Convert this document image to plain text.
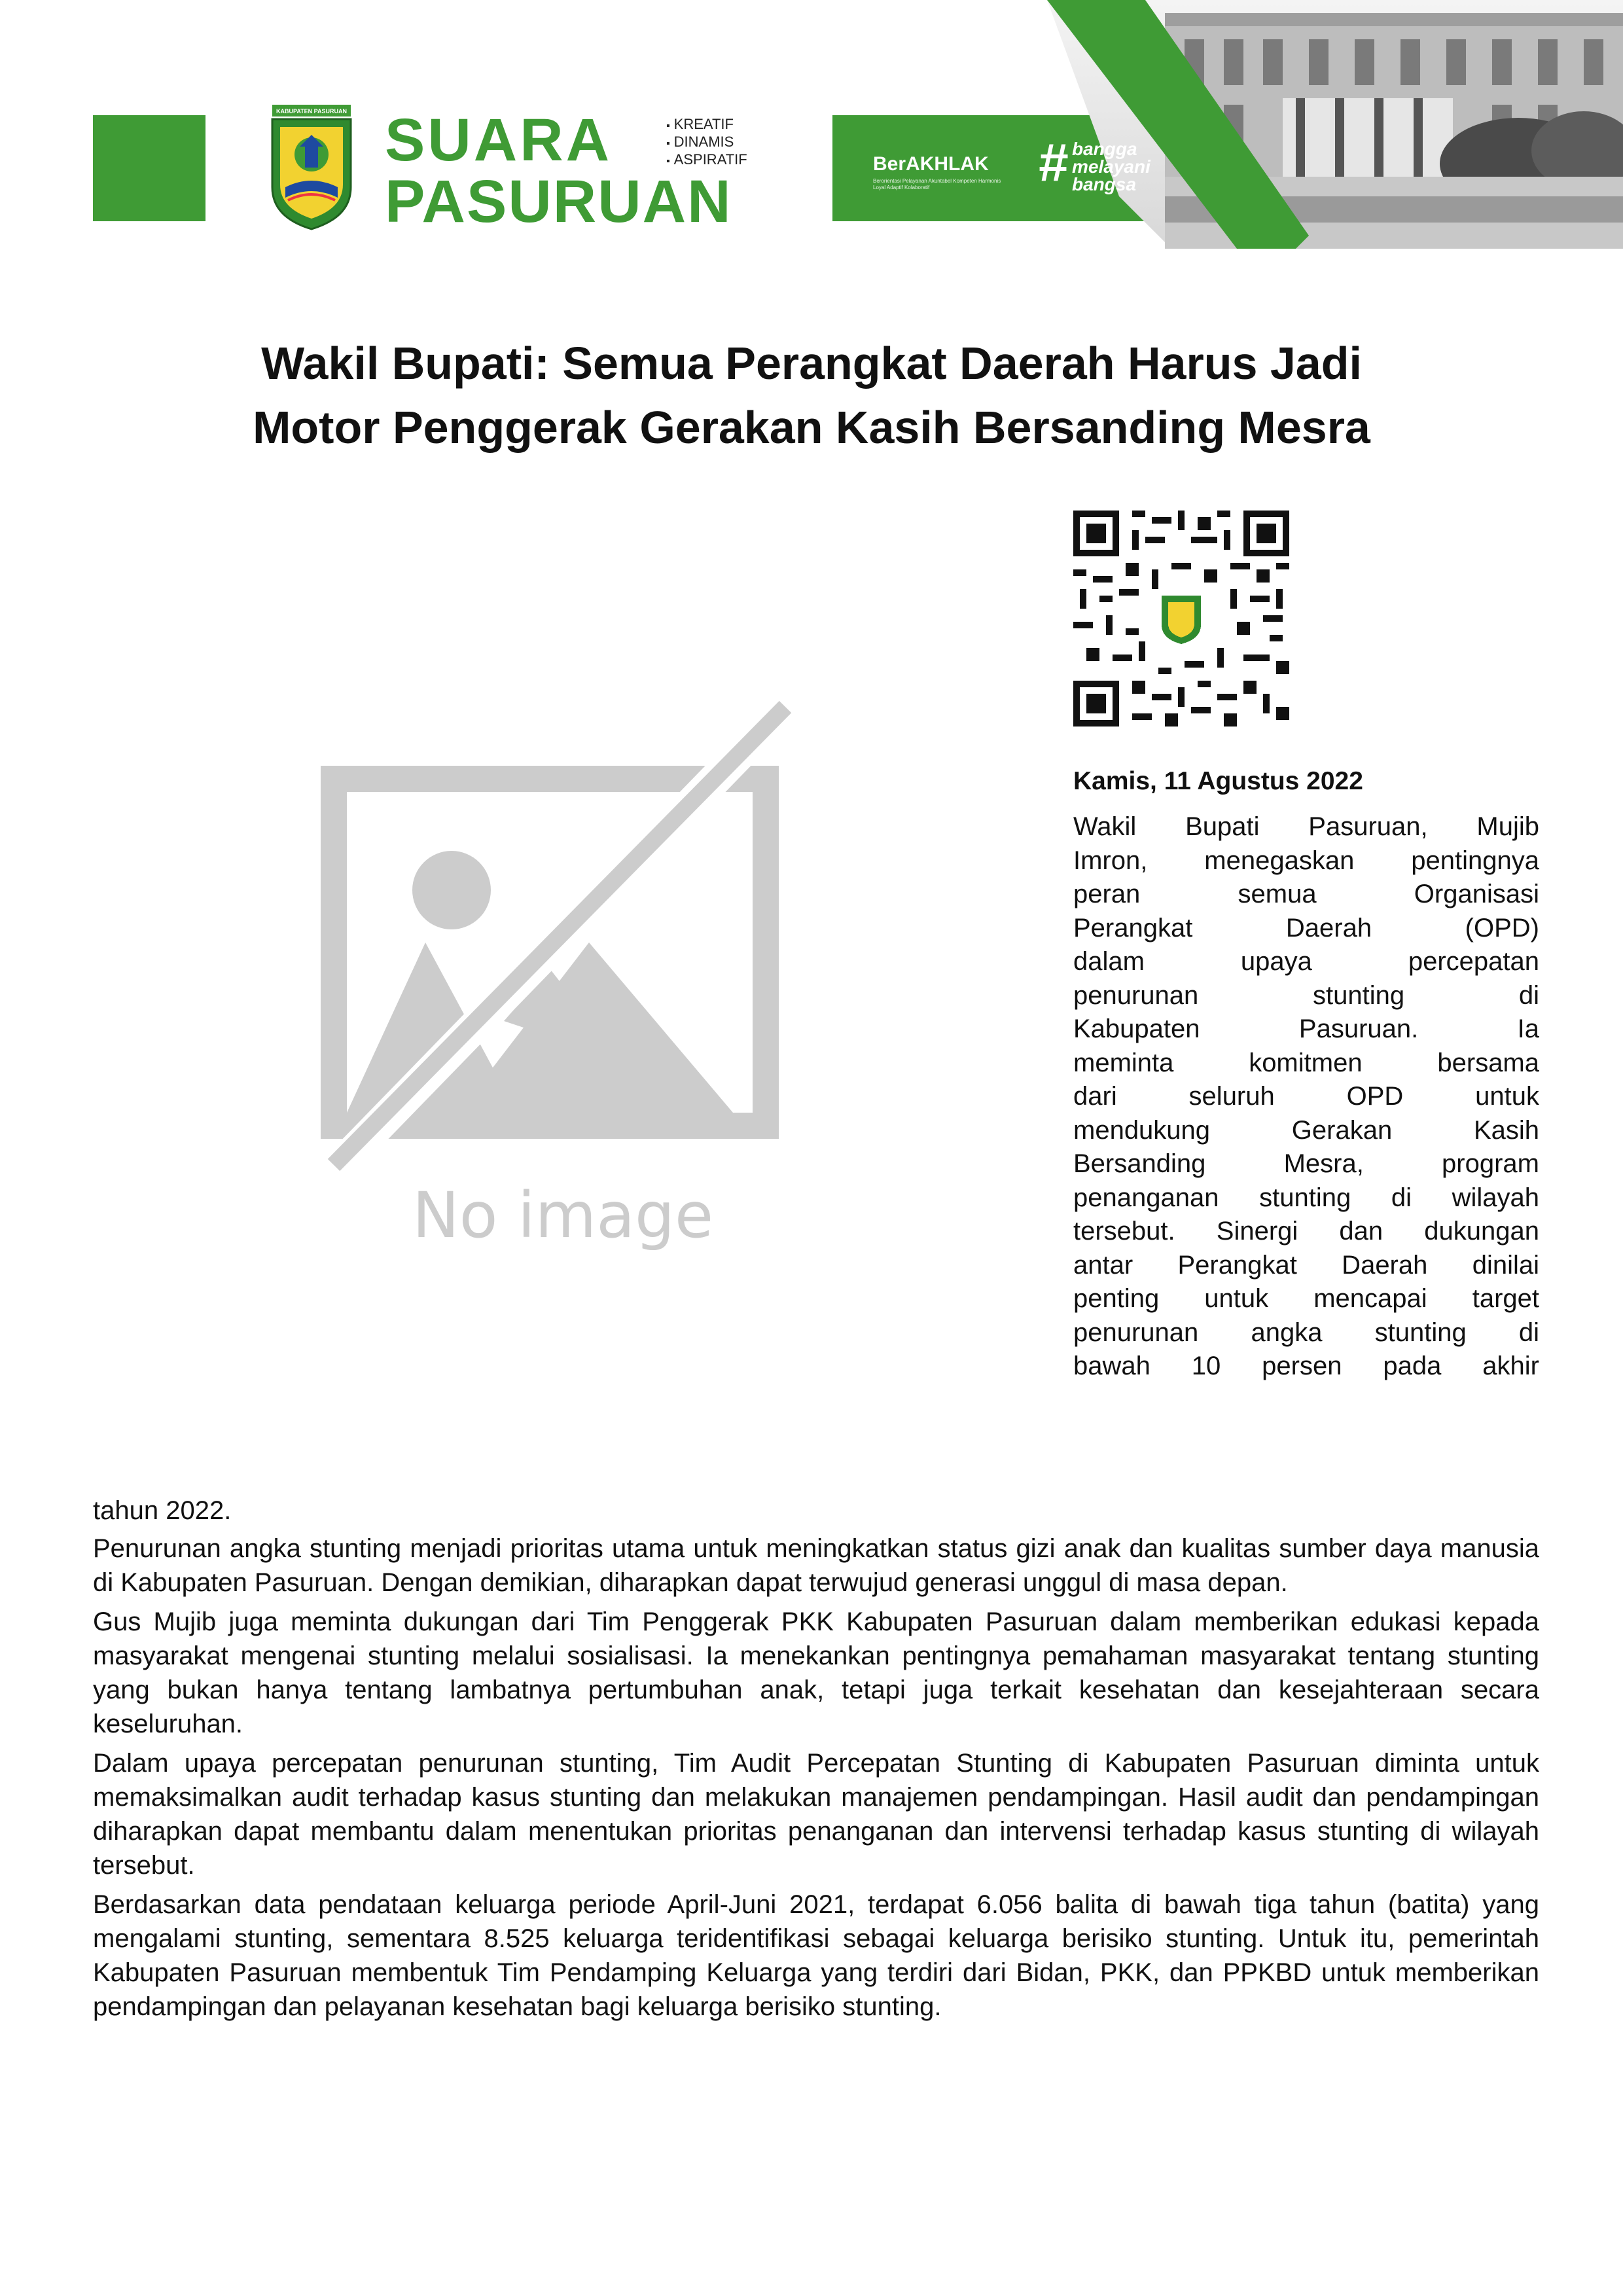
KABUPATEN PASURUAN SUARA
PASURUAN
▪ KREATIF
▪ DINAMIS
▪ ASPIRATIF	BerAKHLAK
Berorientasi Pelayanan Akuntabel Kompeten Harmonis Loyal Adaptif Kolaboratif	# bangga
melayani
bangsa
Wakil Bupati: Semua Perangkat Daerah Harus Jadi
Motor Penggerak Gerakan Kasih Bersanding Mesra
No image
Kamis, 11 Agustus 2022
Wakil Bupati Pasuruan, Mujib
Imron, menegaskan pentingnya
peran semua Organisasi
Perangkat Daerah (OPD)
dalam upaya percepatan
penurunan stunting di
Kabupaten Pasuruan. Ia
meminta komitmen bersama
dari seluruh OPD untuk
mendukung Gerakan Kasih
Bersanding Mesra, program
penanganan stunting di wilayah
tersebut. Sinergi dan dukungan
antar Perangkat Daerah dinilai
penting untuk mencapai target
penurunan angka stunting di
bawah 10 persen pada akhir

tahun 2022.

Penurunan angka stunting menjadi prioritas utama untuk meningkatkan status gizi anak dan kualitas sumber daya manusia di Kabupaten Pasuruan. Dengan demikian, diharapkan dapat terwujud generasi unggul di masa depan.

Gus Mujib juga meminta dukungan dari Tim Penggerak PKK Kabupaten Pasuruan dalam memberikan edukasi kepada masyarakat mengenai stunting melalui sosialisasi. Ia menekankan pentingnya pemahaman masyarakat tentang stunting yang bukan hanya tentang lambatnya pertumbuhan anak, tetapi juga terkait kesehatan dan kesejahteraan secara keseluruhan.

Dalam upaya percepatan penurunan stunting, Tim Audit Percepatan Stunting di Kabupaten Pasuruan diminta untuk memaksimalkan audit terhadap kasus stunting dan melakukan manajemen pendampingan. Hasil audit dan pendampingan diharapkan dapat membantu dalam menentukan prioritas penanganan dan intervensi terhadap kasus stunting di wilayah tersebut.

Berdasarkan data pendataan keluarga periode April-Juni 2021, terdapat 6.056 balita di bawah tiga tahun (batita) yang mengalami stunting, sementara 8.525 keluarga teridentifikasi sebagai keluarga berisiko stunting. Untuk itu, pemerintah Kabupaten Pasuruan membentuk Tim Pendamping Keluarga yang terdiri dari Bidan, PKK, dan PPKBD untuk memberikan pendampingan dan pelayanan kesehatan bagi keluarga berisiko stunting.
